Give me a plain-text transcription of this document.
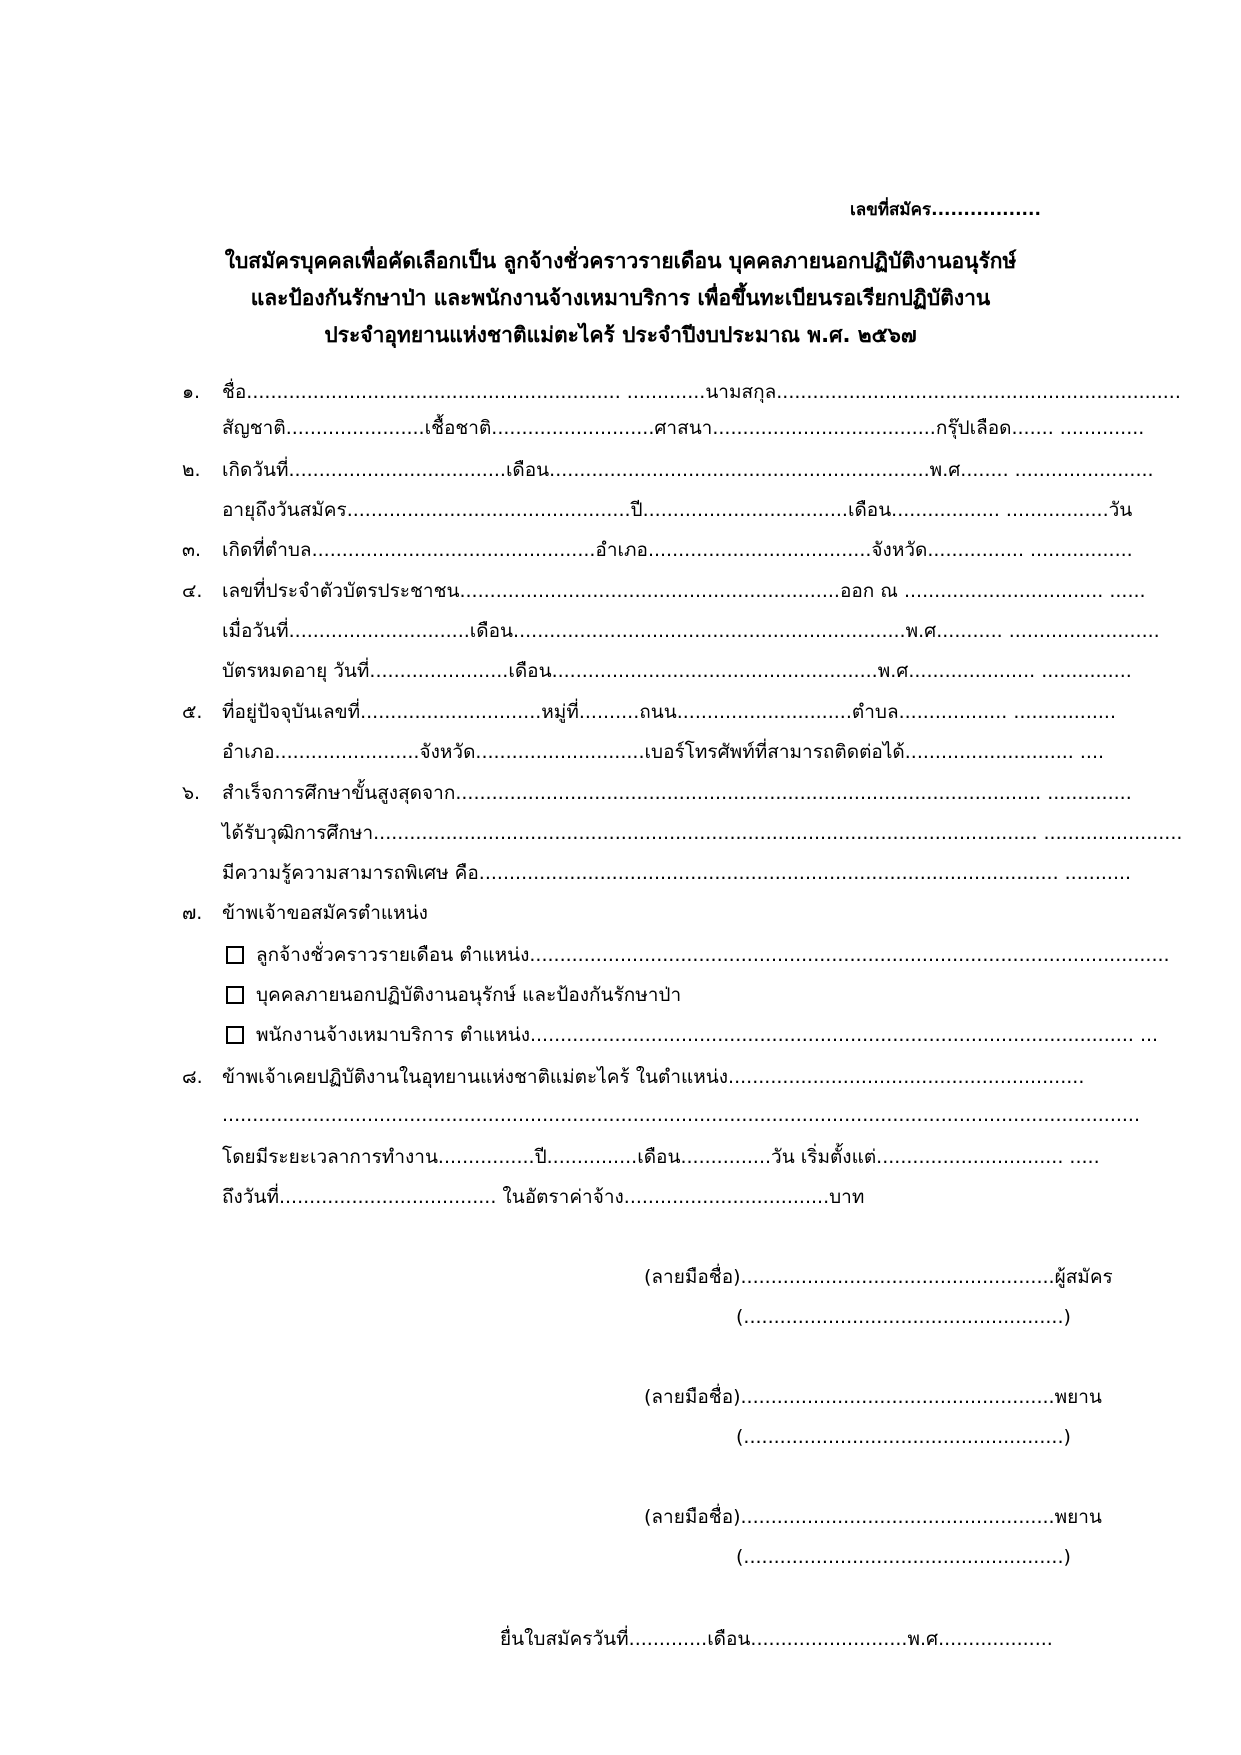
เลขที่สมัคร.................
ใบสมัครบุคคลเพื่อคัดเลือกเป็น ลูกจ้างชั่วคราวรายเดือน บุคคลภายนอกปฏิบัติงานอนุรักษ์
และป้องกันรักษาป่า และพนักงานจ้างเหมาบริการ เพื่อขึ้นทะเบียนรอเรียกปฏิบัติงาน
ประจำอุทยานแห่งชาติแม่ตะไคร้ ประจำปีงบประมาณ พ.ศ. ๒๕๖๗
๑. ชื่อ.............................................................. .............นามสกุล...................................................................
สัญชาติ.......................เชื้อชาติ...........................ศาสนา.....................................กรุ๊ปเลือด....... ..............
๒. เกิดวันที่....................................เดือน...............................................................พ.ศ........ .......................
อายุถึงวันสมัคร...............................................ปี..................................เดือน.................. .................วัน
๓. เกิดที่ตำบล...............................................อำเภอ.....................................จังหวัด................ .................
๔. เลขที่ประจำตัวบัตรประชาชน...............................................................ออก ณ ................................. ......
เมื่อวันที่..............................เดือน.................................................................พ.ศ........... .........................
บัตรหมดอายุ วันที่.......................เดือน......................................................พ.ศ..................... ...............
๕. ที่อยู่ปัจจุบันเลขที่..............................หมู่ที่..........ถนน.............................ตำบล.................. .................
อำเภอ........................จังหวัด............................เบอร์โทรศัพท์ที่สามารถติดต่อได้............................ ....
๖. สำเร็จการศึกษาขั้นสูงสุดจาก................................................................................................. ..............
ได้รับวุฒิการศึกษา.............................................................................................................. .......................
มีความรู้ความสามารถพิเศษ คือ................................................................................................ ...........
๗. ข้าพเจ้าขอสมัครตำแหน่ง
ลูกจ้างชั่วคราวรายเดือน ตำแหน่ง..........................................................................................................
บุคคลภายนอกปฏิบัติงานอนุรักษ์ และป้องกันรักษาป่า
พนักงานจ้างเหมาบริการ ตำแหน่ง.................................................................................................... ...
๘. ข้าพเจ้าเคยปฏิบัติงานในอุทยานแห่งชาติแม่ตะไคร้ ในตำแหน่ง...........................................................
........................................................................................................................................................
โดยมีระยะเวลาการทำงาน................ปี...............เดือน...............วัน เริ่มตั้งแต่............................... .....
ถึงวันที่.................................... ในอัตราค่าจ้าง..................................บาท
(ลายมือชื่อ)....................................................ผู้สมัคร
(.....................................................)
(ลายมือชื่อ)....................................................พยาน
(.....................................................)
(ลายมือชื่อ)....................................................พยาน
(.....................................................)
ยื่นใบสมัครวันที่.............เดือน..........................พ.ศ...................
